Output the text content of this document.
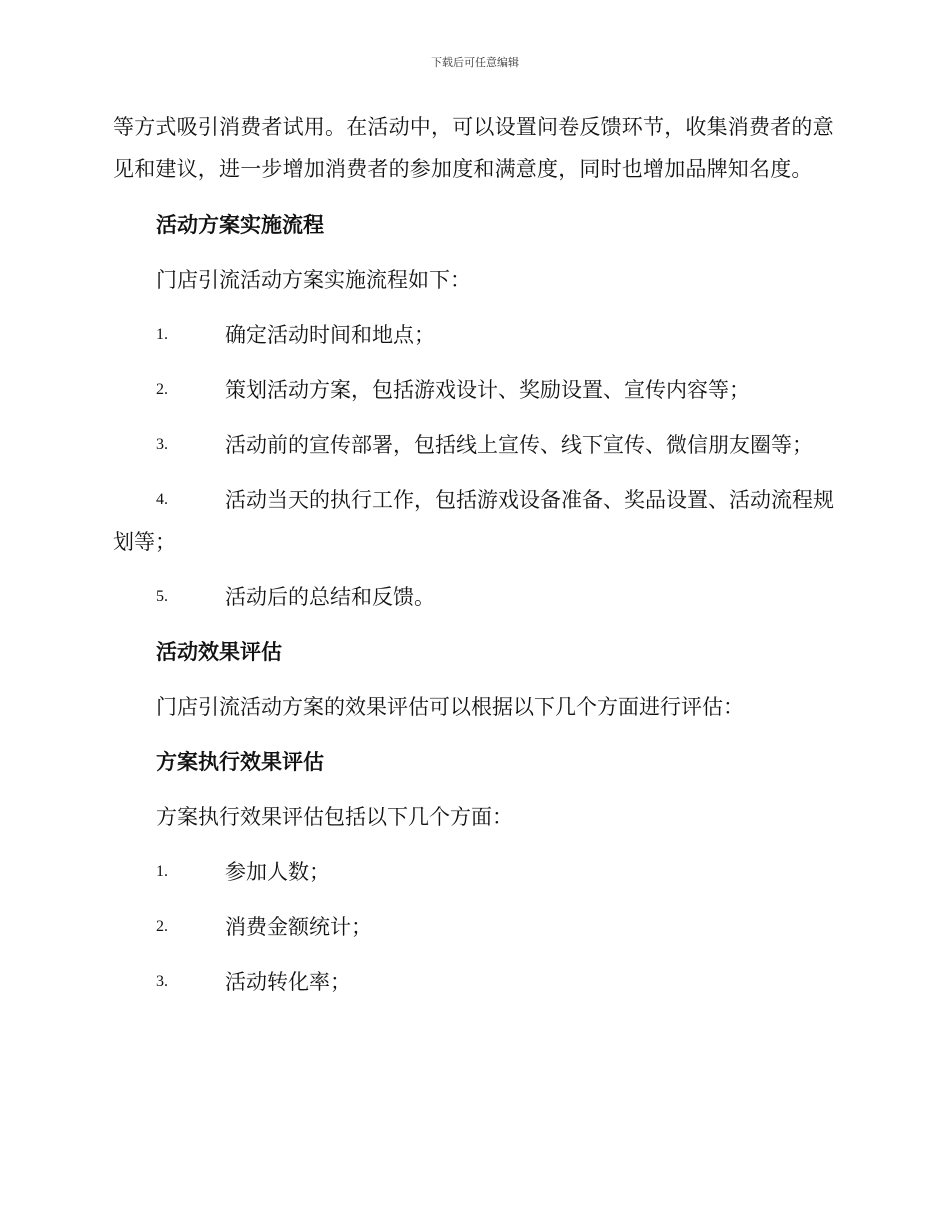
下载后可任意编辑

等方式吸引消费者试用。在活动中，可以设置问卷反馈环节，收集消费者的意见和建议，进一步增加消费者的参加度和满意度，同时也增加品牌知名度。

活动方案实施流程

门店引流活动方案实施流程如下：

1.	确定活动时间和地点；
2.	策划活动方案，包括游戏设计、奖励设置、宣传内容等；
3.	活动前的宣传部署，包括线上宣传、线下宣传、微信朋友圈等；
4.	活动当天的执行工作，包括游戏设备准备、奖品设置、活动流程规划等；
5.	活动后的总结和反馈。

活动效果评估

门店引流活动方案的效果评估可以根据以下几个方面进行评估：

方案执行效果评估

方案执行效果评估包括以下几个方面：

1.	参加人数；
2.	消费金额统计；
3.	活动转化率；
